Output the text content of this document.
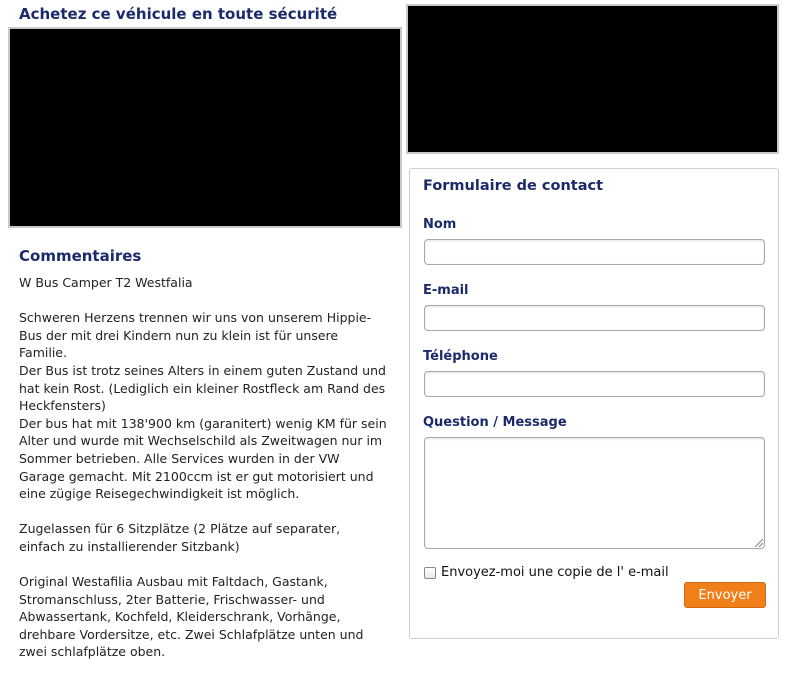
Achetez ce véhicule en toute sécurité
Commentaires

W Bus Camper T2 Westfalia

Schweren Herzens trennen wir uns von unserem Hippie-Bus der mit drei Kindern nun zu klein ist für unsere Familie.
Der Bus ist trotz seines Alters in einem guten Zustand und hat kein Rost. (Lediglich ein kleiner Rostfleck am Rand des Heckfensters)
Der bus hat mit 138'900 km (garanitert) wenig KM für sein Alter und wurde mit Wechselschild als Zweitwagen nur im Sommer betrieben. Alle Services wurden in der VW Garage gemacht. Mit 2100ccm ist er gut motorisiert und eine zügige Reisegechwindigkeit ist möglich.

Zugelassen für 6 Sitzplätze (2 Plätze auf separater, einfach zu installierender Sitzbank)

Original Westafilia Ausbau mit Faltdach, Gastank, Stromanschluss, 2ter Batterie, Frischwasser- und Abwassertank, Kochfeld, Kleiderschrank, Vorhänge, drehbare Vordersitze, etc. Zwei Schlafplätze unten und zwei schlafplätze oben.

Formulaire de contact
Nom
E-mail
Téléphone
Question / Message
Envoyez-moi une copie de l' e-mail
Envoyer
